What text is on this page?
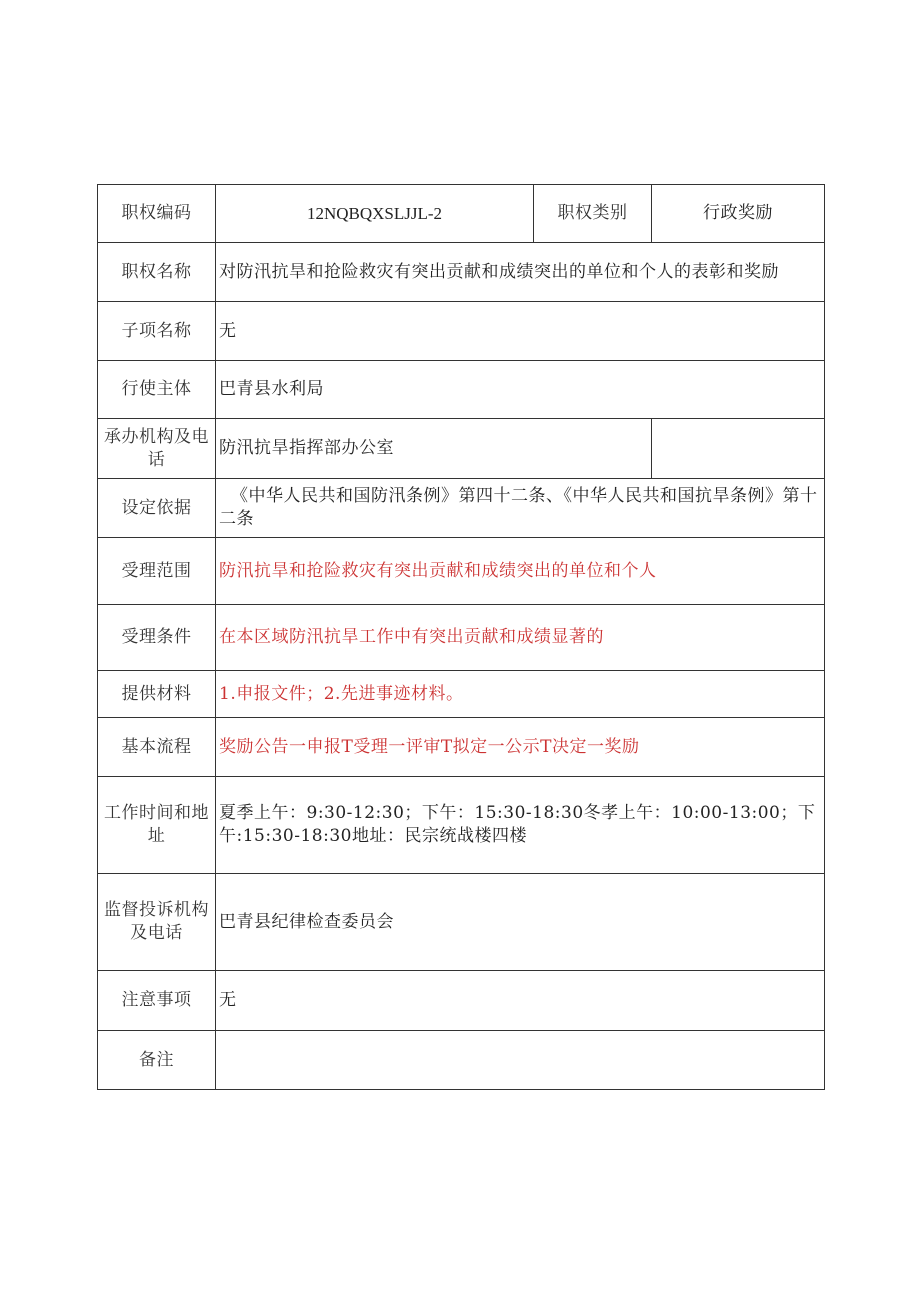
职权编码	12NQBQXSLJJL-2	职权类别	行政奖励
职权名称	对防汛抗旱和抢险救灾有突出贡献和成绩突出的单位和个人的表彰和奖励		
子项名称	无		
行使主体	巴青县水利局		
承办机构及电话	防汛抗旱指挥部办公室		
设定依据	《中华人民共和国防汛条例》第四十二条、《中华人民共和国抗旱条例》第十二条		
受理范围	防汛抗旱和抢险救灾有突出贡献和成绩突出的单位和个人		
受理条件	在本区域防汛抗旱工作中有突出贡献和成绩显著的		
提供材料	1.申报文件；2.先进事迹材料。		
基本流程	奖励公告一申报T受理一评审T拟定一公示T决定一奖励		
工作时间和地址	夏季上午：9:30-12:30；下午：15:30-18:30冬孝上午：10:00-13:00；下午:15:30-18:30地址：民宗统战楼四楼		
监督投诉机构及电话	巴青县纪律检查委员会		
注意事项	无		
备注			
